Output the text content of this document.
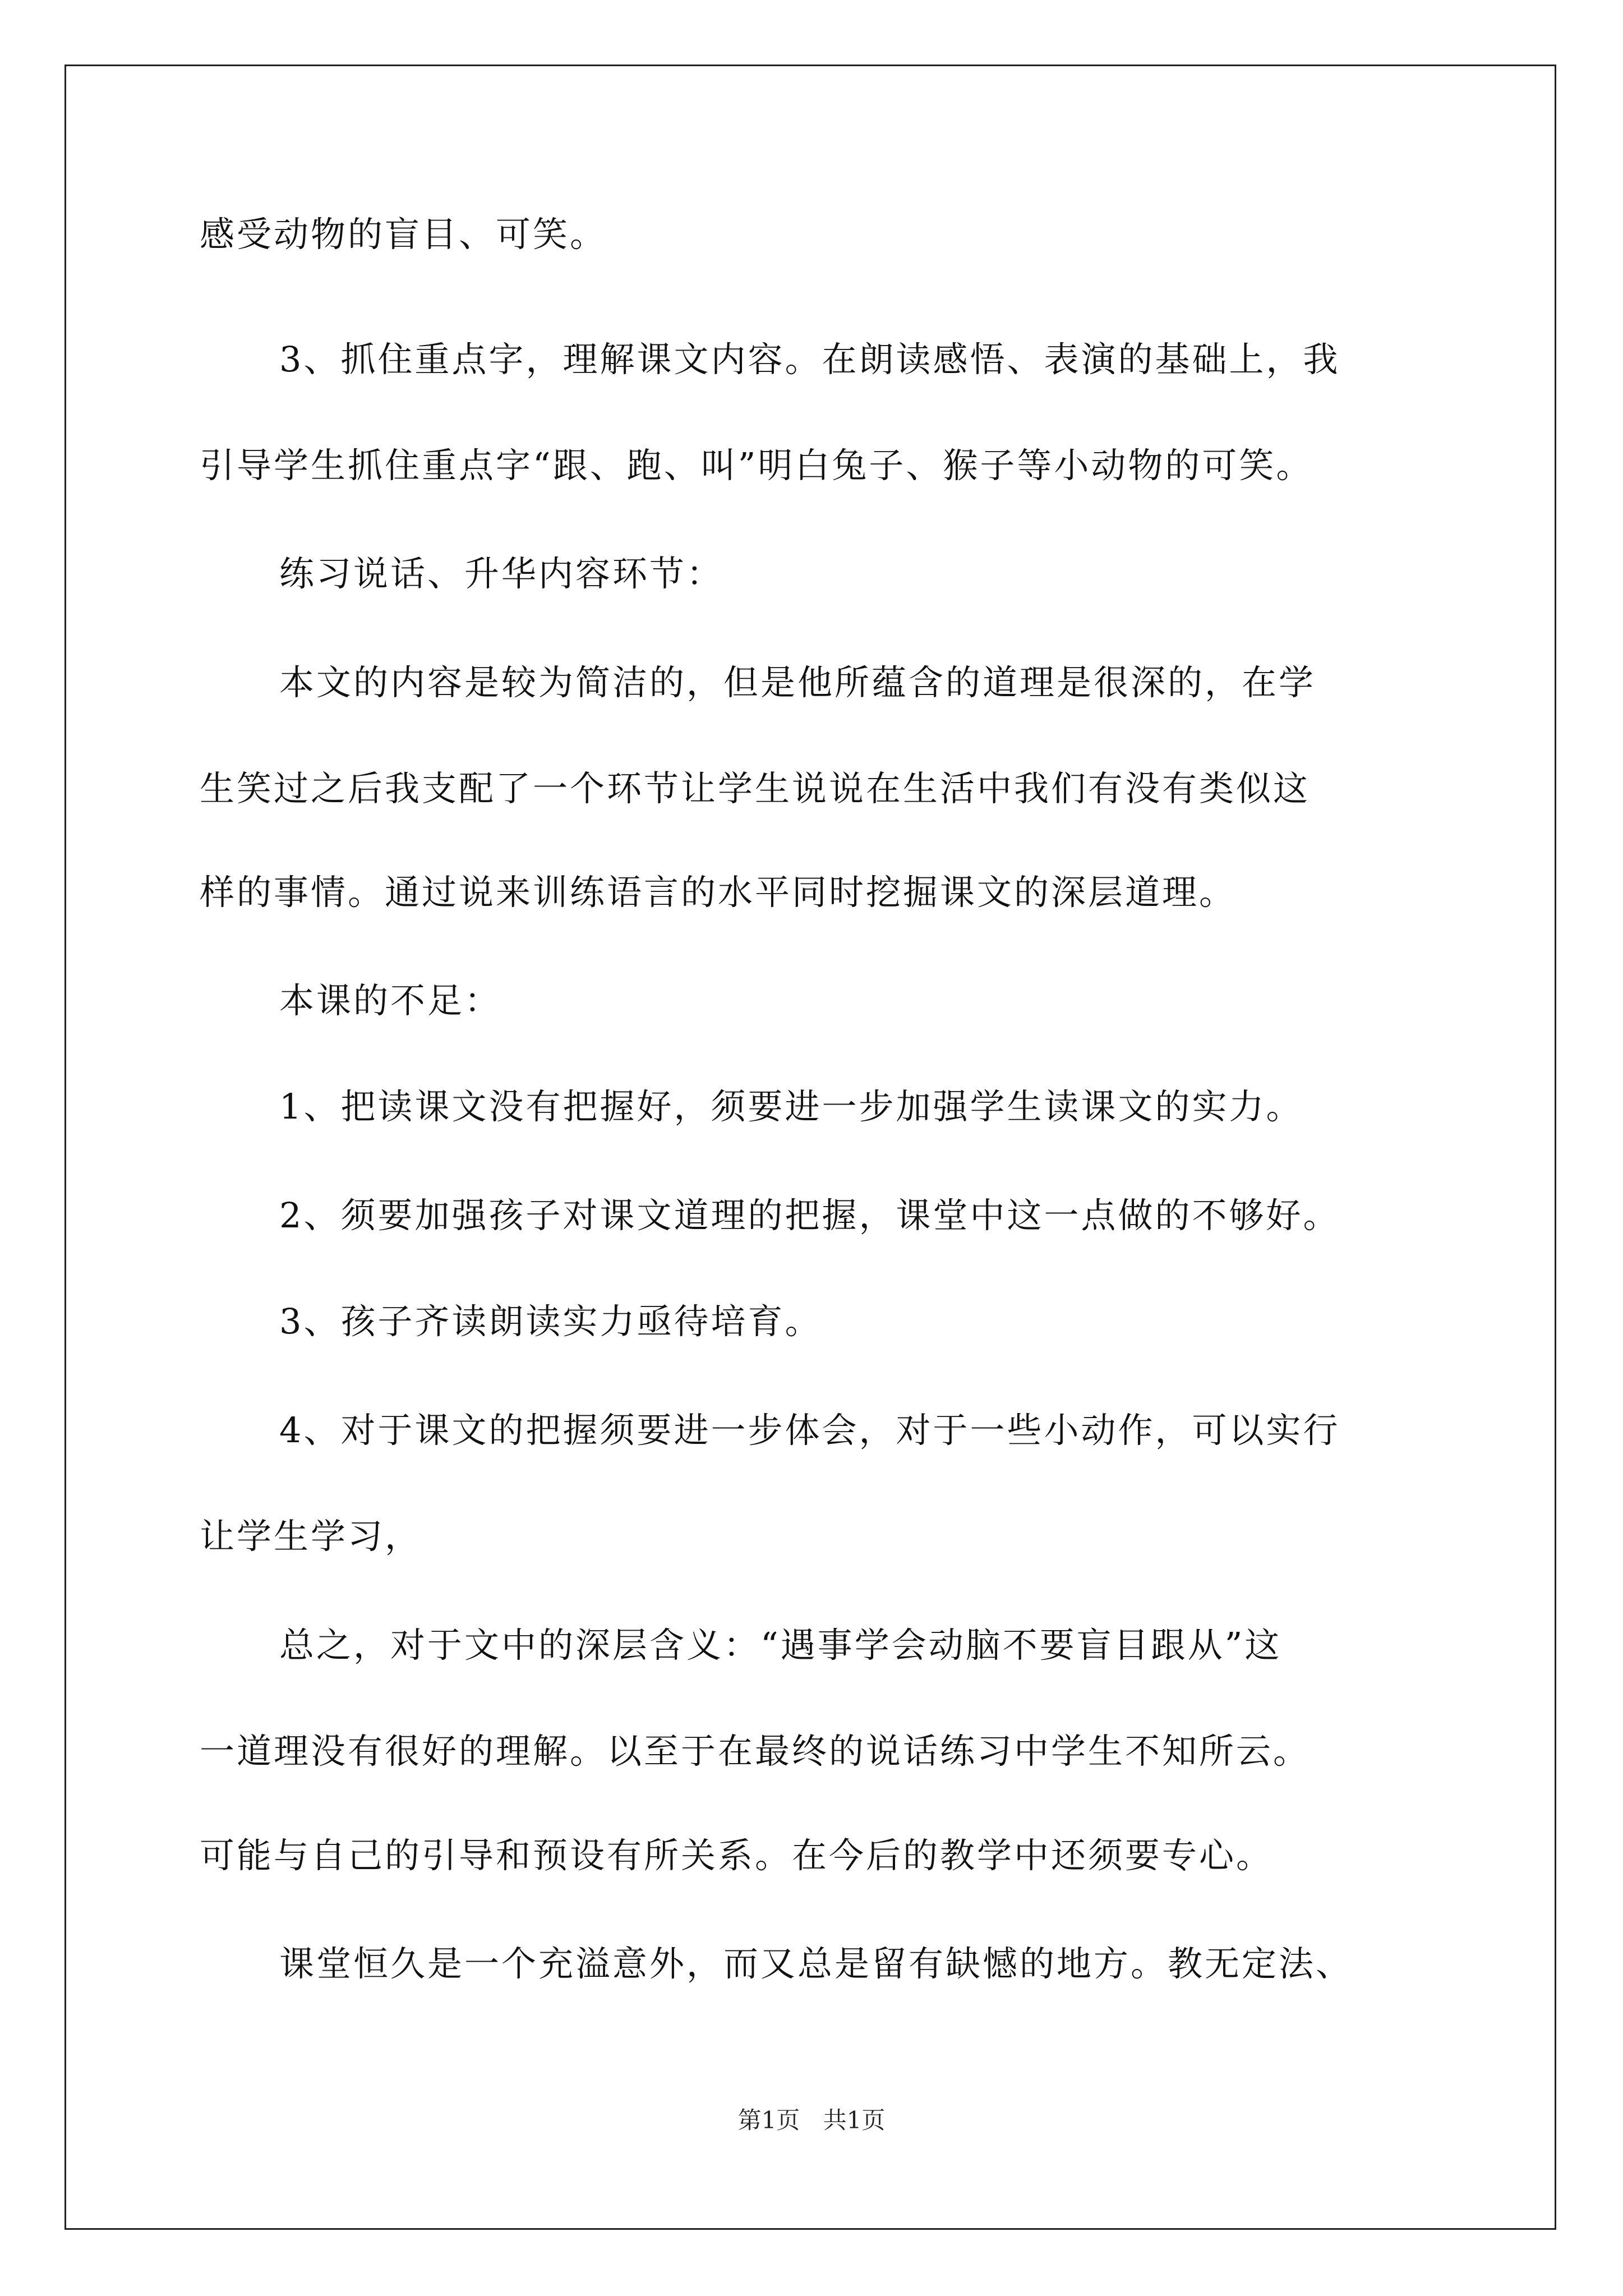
感受动物的盲目、可笑。
3、抓住重点字，理解课文内容。在朗读感悟、表演的基础上，我
引导学生抓住重点字“跟、跑、叫”明白兔子、猴子等小动物的可笑。
练习说话、升华内容环节：
本文的内容是较为简洁的，但是他所蕴含的道理是很深的，在学
生笑过之后我支配了一个环节让学生说说在生活中我们有没有类似这
样的事情。通过说来训练语言的水平同时挖掘课文的深层道理。
本课的不足：
1、把读课文没有把握好，须要进一步加强学生读课文的实力。
2、须要加强孩子对课文道理的把握，课堂中这一点做的不够好。
3、孩子齐读朗读实力亟待培育。
4、对于课文的把握须要进一步体会，对于一些小动作，可以实行
让学生学习，
总之，对于文中的深层含义：“遇事学会动脑不要盲目跟从”这
一道理没有很好的理解。以至于在最终的说话练习中学生不知所云。
可能与自己的引导和预设有所关系。在今后的教学中还须要专心。
课堂恒久是一个充溢意外，而又总是留有缺憾的地方。教无定法、
第1页 共1页
